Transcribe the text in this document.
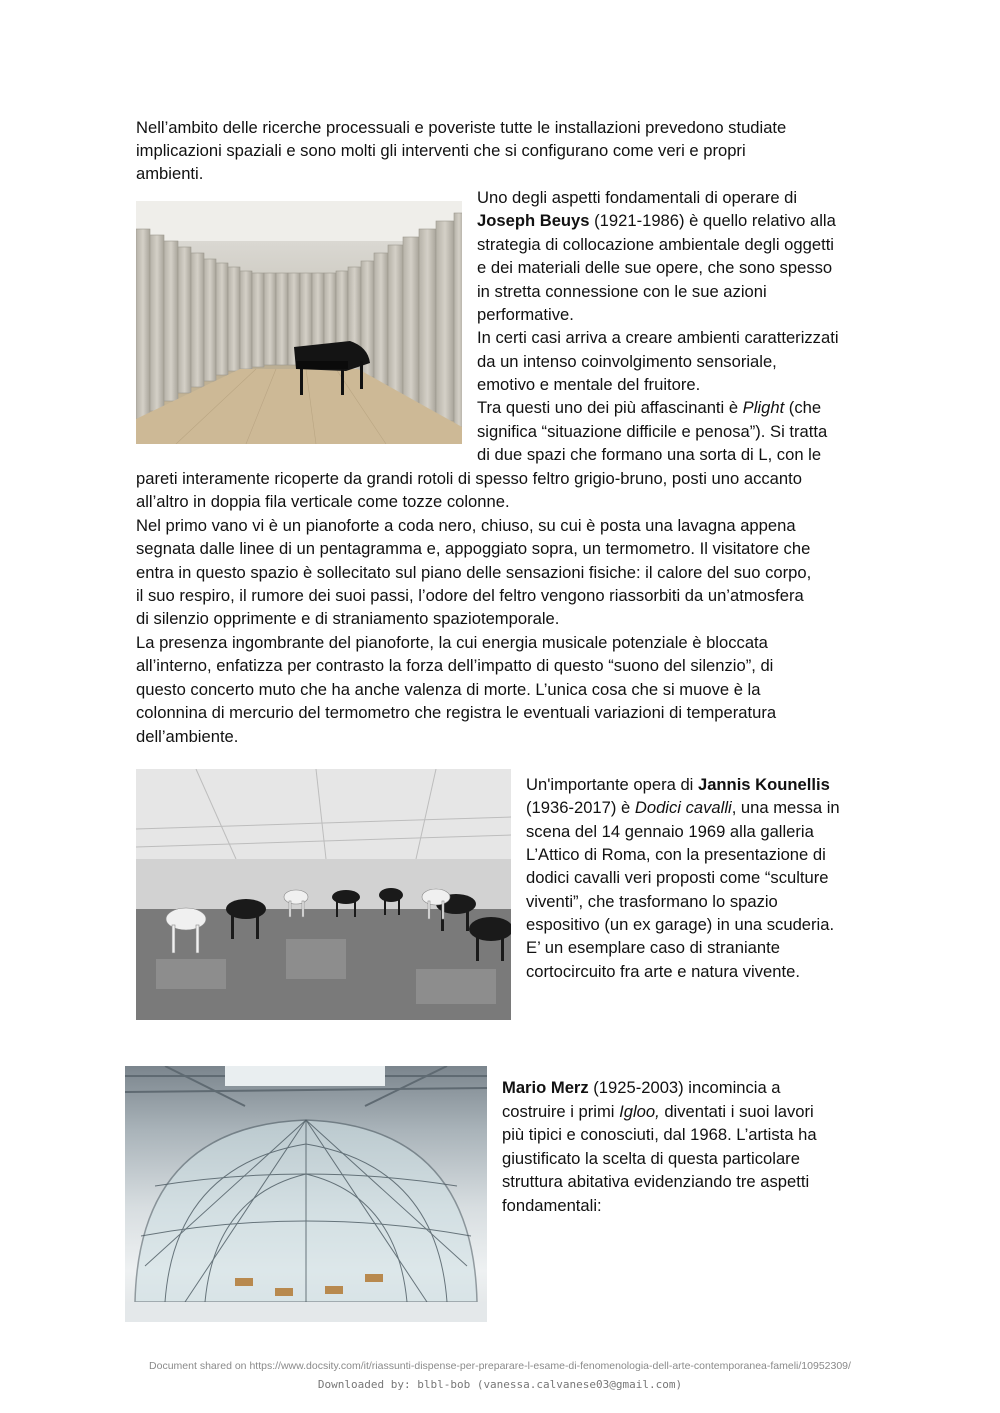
Nell’ambito delle ricerche processuali e poveriste tutte le installazioni prevedono studiate
implicazioni spaziali e sono molti gli interventi che si configurano come veri e propri
ambienti.
Uno degli aspetti fondamentali di operare di
Joseph Beuys (1921-1986) è quello relativo alla
strategia di collocazione ambientale degli oggetti
e dei materiali delle sue opere, che sono spesso
in stretta connessione con le sue azioni
performative.
In certi casi arriva a creare ambienti caratterizzati
da un intenso coinvolgimento sensoriale,
emotivo e mentale del fruitore.
Tra questi uno dei più affascinanti è Plight (che
significa “situazione difficile e penosa”). Si tratta
di due spazi che formano una sorta di L, con le
pareti interamente ricoperte da grandi rotoli di spesso feltro grigio-bruno, posti uno accanto
all’altro in doppia fila verticale come tozze colonne.
Nel primo vano vi è un pianoforte a coda nero, chiuso, su cui è posta una lavagna appena
segnata dalle linee di un pentagramma e, appoggiato sopra, un termometro. Il visitatore che
entra in questo spazio è sollecitato sul piano delle sensazioni fisiche: il calore del suo corpo,
il suo respiro, il rumore dei suoi passi, l’odore del feltro vengono riassorbiti da un’atmosfera
di silenzio opprimente e di straniamento spaziotemporale.
La presenza ingombrante del pianoforte, la cui energia musicale potenziale è bloccata
all’interno, enfatizza per contrasto la forza dell’impatto di questo “suono del silenzio”, di
questo concerto muto che ha anche valenza di morte. L’unica cosa che si muove è la
colonnina di mercurio del termometro che registra le eventuali variazioni di temperatura
dell’ambiente.
Un'importante opera di Jannis Kounellis
(1936-2017) è Dodici cavalli, una messa in
scena del 14 gennaio 1969 alla galleria
L’Attico di Roma, con la presentazione di
dodici cavalli veri proposti come “sculture
viventi”, che trasformano lo spazio
espositivo (un ex garage) in una scuderia.
E’ un esemplare caso di straniante
cortocircuito fra arte e natura vivente.
Mario Merz (1925-2003) incomincia a
costruire i primi Igloo, diventati i suoi lavori
più tipici e conosciuti, dal 1968. L’artista ha
giustificato la scelta di questa particolare
struttura abitativa evidenziando tre aspetti
fondamentali:
Document shared on https://www.docsity.com/it/riassunti-dispense-per-preparare-l-esame-di-fenomenologia-dell-arte-contemporanea-fameli/10952309/
Downloaded by: blbl-bob (vanessa.calvanese03@gmail.com)
